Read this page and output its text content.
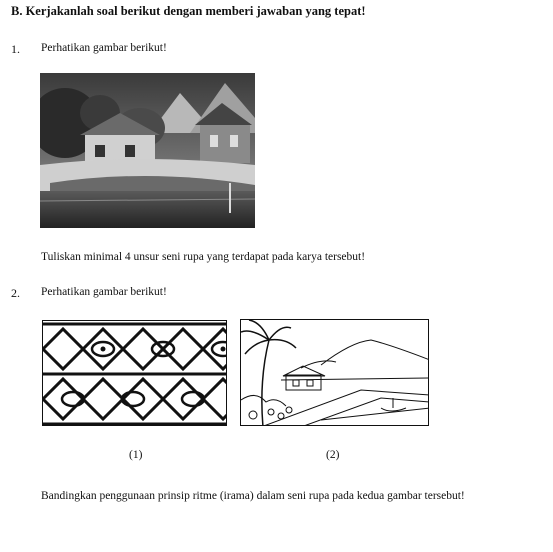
B. Kerjakanlah soal berikut dengan memberi jawaban yang tepat!
1. Perhatikan gambar berikut!
Tuliskan minimal 4 unsur seni rupa yang terdapat pada karya tersebut!
2. Perhatikan gambar berikut!
(1)	(2)
Bandingkan penggunaan prinsip ritme (irama) dalam seni rupa pada kedua gambar tersebut!
